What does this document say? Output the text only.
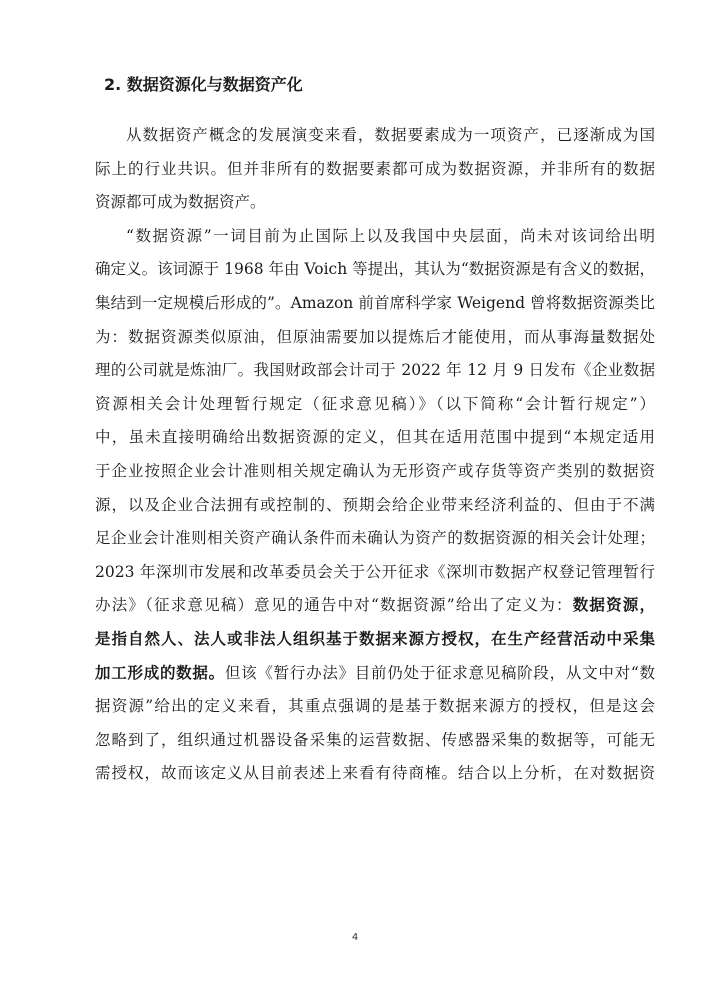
2. 数据资源化与数据资产化
从数据资产概念的发展演变来看，数据要素成为一项资产，已逐渐成为国
际上的行业共识。但并非所有的数据要素都可成为数据资源，并非所有的数据
资源都可成为数据资产。
“数据资源”一词目前为止国际上以及我国中央层面，尚未对该词给出明
确定义。该词源于 1968 年由 Voich 等提出，其认为“数据资源是有含义的数据，
集结到一定规模后形成的”。Amazon 前首席科学家 Weigend 曾将数据资源类比
为：数据资源类似原油，但原油需要加以提炼后才能使用，而从事海量数据处
理的公司就是炼油厂。我国财政部会计司于 2022 年 12 月 9 日发布《企业数据
资源相关会计处理暂行规定（征求意见稿）》（以下简称“会计暂行规定”）
中，虽未直接明确给出数据资源的定义，但其在适用范围中提到“本规定适用
于企业按照企业会计准则相关规定确认为无形资产或存货等资产类别的数据资
源，以及企业合法拥有或控制的、预期会给企业带来经济利益的、但由于不满
足企业会计准则相关资产确认条件而未确认为资产的数据资源的相关会计处理；
2023 年深圳市发展和改革委员会关于公开征求《深圳市数据产权登记管理暂行
办法》（征求意见稿）意见的通告中对“数据资源”给出了定义为：数据资源，
是指自然人、法人或非法人组织基于数据来源方授权，在生产经营活动中采集
加工形成的数据。但该《暂行办法》目前仍处于征求意见稿阶段，从文中对“数
据资源”给出的定义来看，其重点强调的是基于数据来源方的授权，但是这会
忽略到了，组织通过机器设备采集的运营数据、传感器采集的数据等，可能无
需授权，故而该定义从目前表述上来看有待商榷。结合以上分析，在对数据资
4
